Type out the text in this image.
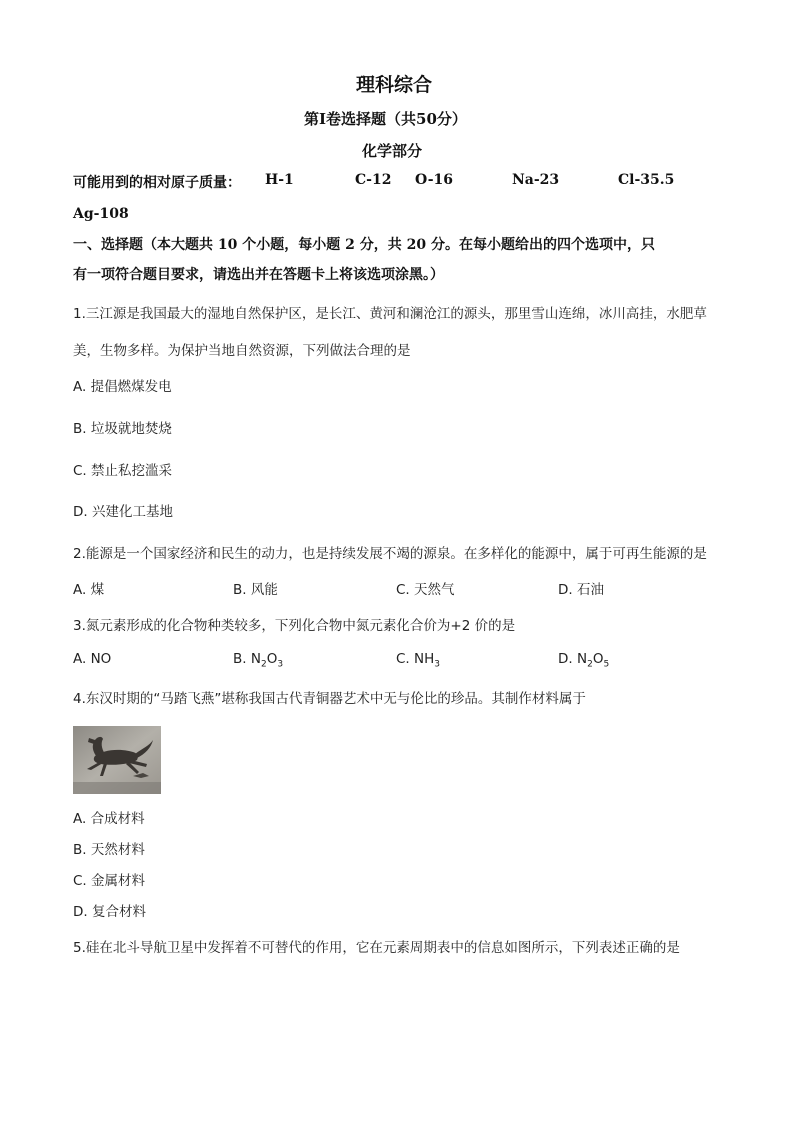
理科综合
第Ⅰ卷选择题（共50分）
化学部分
可能用到的相对原子质量： H-1	C-12 O-16	Na-23	Cl-35.5
Ag-108
一、选择题（本大题共 10 个小题，每小题 2 分，共 20 分。在每小题给出的四个选项中，只
有一项符合题目要求，请选出并在答题卡上将该选项涂黑。）
1.三江源是我国最大的湿地自然保护区，是长江、黄河和澜沧江的源头，那里雪山连绵，冰川高挂，水肥草
美，生物多样。为保护当地自然资源，下列做法合理的是
A. 提倡燃煤发电
B. 垃圾就地焚烧
C. 禁止私挖滥采
D. 兴建化工基地
2.能源是一个国家经济和民生的动力，也是持续发展不竭的源泉。在多样化的能源中，属于可再生能源的是
A. 煤	B. 风能	C. 天然气	D. 石油
3.氮元素形成的化合物种类较多，下列化合物中氮元素化合价为+2 价的是
A. NO	B. $N_2O_3$	C. $NH_3$	D. $N_2O_5$
4.东汉时期的“马踏飞燕”堪称我国古代青铜器艺术中无与伦比的珍品。其制作材料属于
A. 合成材料
B. 天然材料
C. 金属材料
D. 复合材料
5.硅在北斗导航卫星中发挥着不可替代的作用，它在元素周期表中的信息如图所示，下列表述正确的是
